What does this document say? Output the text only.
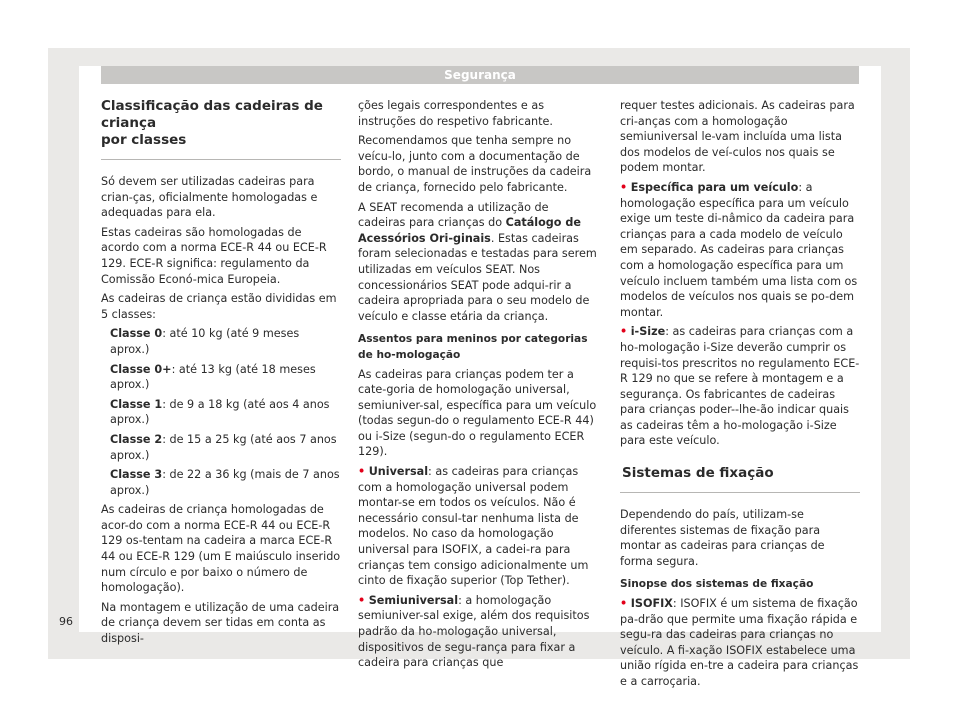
Segurança
Classificação das cadeiras de criança
por classes

Só devem ser utilizadas cadeiras para crian-ças, oficialmente homologadas e adequadas para ela.

Estas cadeiras são homologadas de acordo com a norma ECE-R 44 ou ECE-R 129. ECE-R significa: regulamento da Comissão Econó-mica Europeia.

As cadeiras de criança estão divididas em 5 classes:

Classe 0: até 10 kg (até 9 meses aprox.)

Classe 0+: até 13 kg (até 18 meses aprox.)

Classe 1: de 9 a 18 kg (até aos 4 anos aprox.)

Classe 2: de 15 a 25 kg (até aos 7 anos aprox.)

Classe 3: de 22 a 36 kg (mais de 7 anos aprox.)

As cadeiras de criança homologadas de acor-do com a norma ECE-R 44 ou ECE-R 129 os-tentam na cadeira a marca ECE-R 44 ou ECE-R 129 (um E maiúsculo inserido num círculo e por baixo o número de homologação).

Na montagem e utilização de uma cadeira de criança devem ser tidas em conta as disposi-

ções legais correspondentes e as instruções do respetivo fabricante.

Recomendamos que tenha sempre no veícu-lo, junto com a documentação de bordo, o manual de instruções da cadeira de criança, fornecido pelo fabricante.

A SEAT recomenda a utilização de cadeiras para crianças do Catálogo de Acessórios Ori-ginais. Estas cadeiras foram selecionadas e testadas para serem utilizadas em veículos SEAT. Nos concessionários SEAT pode adqui-rir a cadeira apropriada para o seu modelo de veículo e classe etária da criança.

Assentos para meninos por categorias de ho-mologação

As cadeiras para crianças podem ter a cate-goria de homologação universal, semiuniver-sal, específica para um veículo (todas segun-do o regulamento ECE-R 44) ou i-Size (segun-do o regulamento ECER 129).

• Universal: as cadeiras para crianças com a homologação universal podem montar-se em todos os veículos. Não é necessário consul-tar nenhuma lista de modelos. No caso da homologação universal para ISOFIX, a cadei-ra para crianças tem consigo adicionalmente um cinto de fixação superior (Top Tether).

• Semiuniversal: a homologação semiuniver-sal exige, além dos requisitos padrão da ho-mologação universal, dispositivos de segu-rança para fixar a cadeira para crianças que

requer testes adicionais. As cadeiras para cri-anças com a homologação semiuniversal le-vam incluída uma lista dos modelos de veí-culos nos quais se podem montar.

• Específica para um veículo: a homologação específica para um veículo exige um teste di-nâmico da cadeira para crianças para a cada modelo de veículo em separado. As cadeiras para crianças com a homologação específica para um veículo incluem também uma lista com os modelos de veículos nos quais se po-dem montar.

• i-Size: as cadeiras para crianças com a ho-mologação i-Size deverão cumprir os requisi-tos prescritos no regulamento ECE-R 129 no que se refere à montagem e a segurança. Os fabricantes de cadeiras para crianças poder--lhe-ão indicar quais as cadeiras têm a ho-mologação i-Size para este veículo.

Sistemas de fixação

Dependendo do país, utilizam-se diferentes sistemas de fixação para montar as cadeiras para crianças de forma segura.

Sinopse dos sistemas de fixação

• ISOFIX: ISOFIX é um sistema de fixação pa-drão que permite uma fixação rápida e segu-ra das cadeiras para crianças no veículo. A fi-xação ISOFIX estabelece uma união rígida en-tre a cadeira para crianças e a carroçaria.

96
